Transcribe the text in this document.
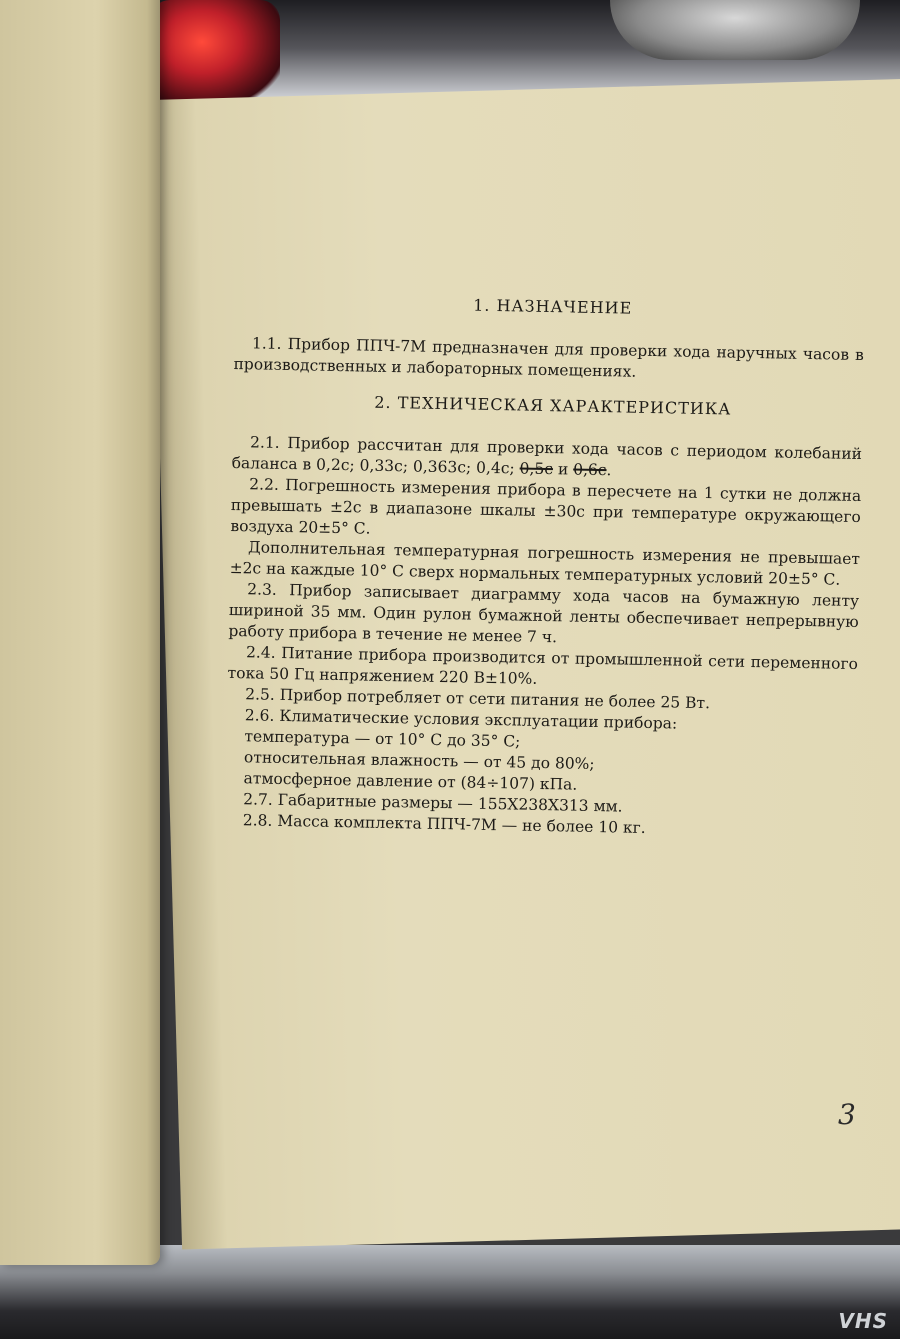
VHS

1. НАЗНАЧЕНИЕ

1.1. Прибор ППЧ-7М предназначен для проверки хода наручных часов в производственных и лабораторных помещениях.

2. ТЕХНИЧЕСКАЯ ХАРАКТЕРИСТИКА

2.1. Прибор рассчитан для проверки хода часов с периодом колебаний баланса в 0,2с; 0,33с; 0,363с; 0,4с; 0,5с и 0,6с.

2.2. Погрешность измерения прибора в пересчете на 1 сутки не должна превышать ±2с в диапазоне шкалы ±30с при температуре окружающего воздуха 20±5° С.

Дополнительная температурная погрешность измерения не превышает ±2с на каждые 10° С сверх нормальных температурных условий 20±5° С.

2.3. Прибор записывает диаграмму хода часов на бумажную ленту шириной 35 мм. Один рулон бумажной ленты обеспечивает непрерывную работу прибора в течение не менее 7 ч.

2.4. Питание прибора производится от промышленной сети переменного тока 50 Гц напряжением 220 В±10%.

2.5. Прибор потребляет от сети питания не более 25 Вт.

2.6. Климатические условия эксплуатации прибора:

температура — от 10° С до 35° С;

относительная влажность — от 45 до 80%;

атмосферное давление от (84÷107) кПа.

2.7. Габаритные размеры — 155Х238Х313 мм.

2.8. Масса комплекта ППЧ-7М — не более 10 кг.

3
